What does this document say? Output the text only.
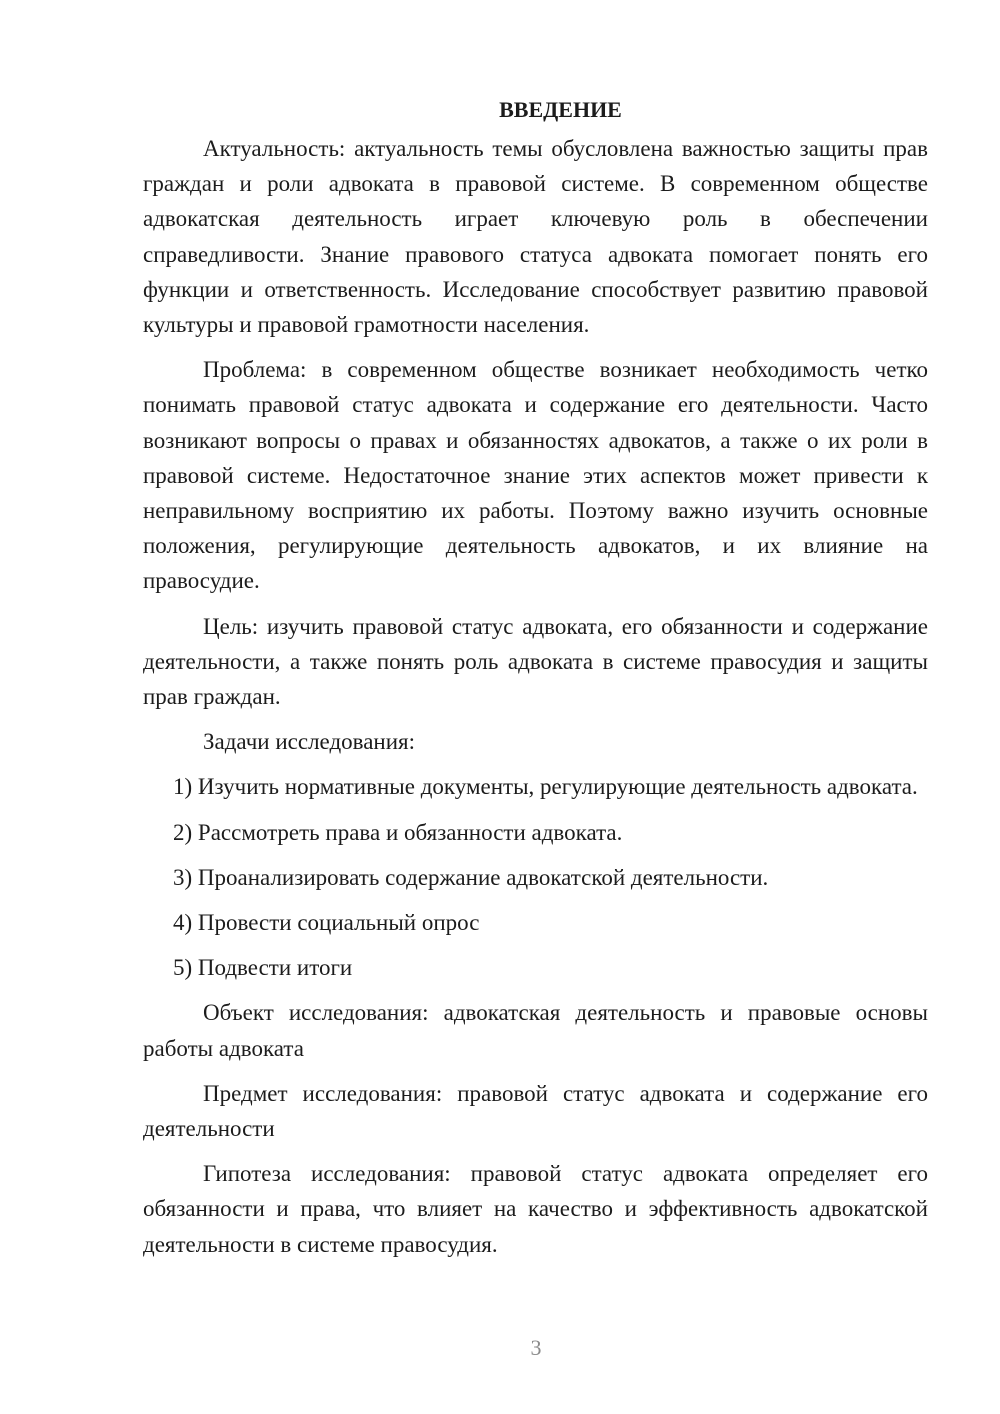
ВВЕДЕНИЕ

Актуальность: актуальность темы обусловлена важностью защиты прав граждан и роли адвоката в правовой системе. В современном обществе адвокатская деятельность играет ключевую роль в обеспечении справедливости. Знание правового статуса адвоката помогает понять его функции и ответственность. Исследование способствует развитию правовой культуры и правовой грамотности населения.

Проблема: в современном обществе возникает необходимость четко понимать правовой статус адвоката и содержание его деятельности. Часто возникают вопросы о правах и обязанностях адвокатов, а также о их роли в правовой системе. Недостаточное знание этих аспектов может привести к неправильному восприятию их работы. Поэтому важно изучить основные положения, регулирующие деятельность адвокатов, и их влияние на правосудие.

Цель: изучить правовой статус адвоката, его обязанности и содержание деятельности, а также понять роль адвоката в системе правосудия и защиты прав граждан.

Задачи исследования:

1) Изучить нормативные документы, регулирующие деятельность адвоката.

2) Рассмотреть права и обязанности адвоката.

3) Проанализировать содержание адвокатской деятельности.

4) Провести социальный опрос

5) Подвести итоги

Объект исследования: адвокатская деятельность и правовые основы работы адвоката

Предмет исследования: правовой статус адвоката и содержание его деятельности

Гипотеза исследования: правовой статус адвоката определяет его обязанности и права, что влияет на качество и эффективность адвокатской деятельности в системе правосудия.

3
